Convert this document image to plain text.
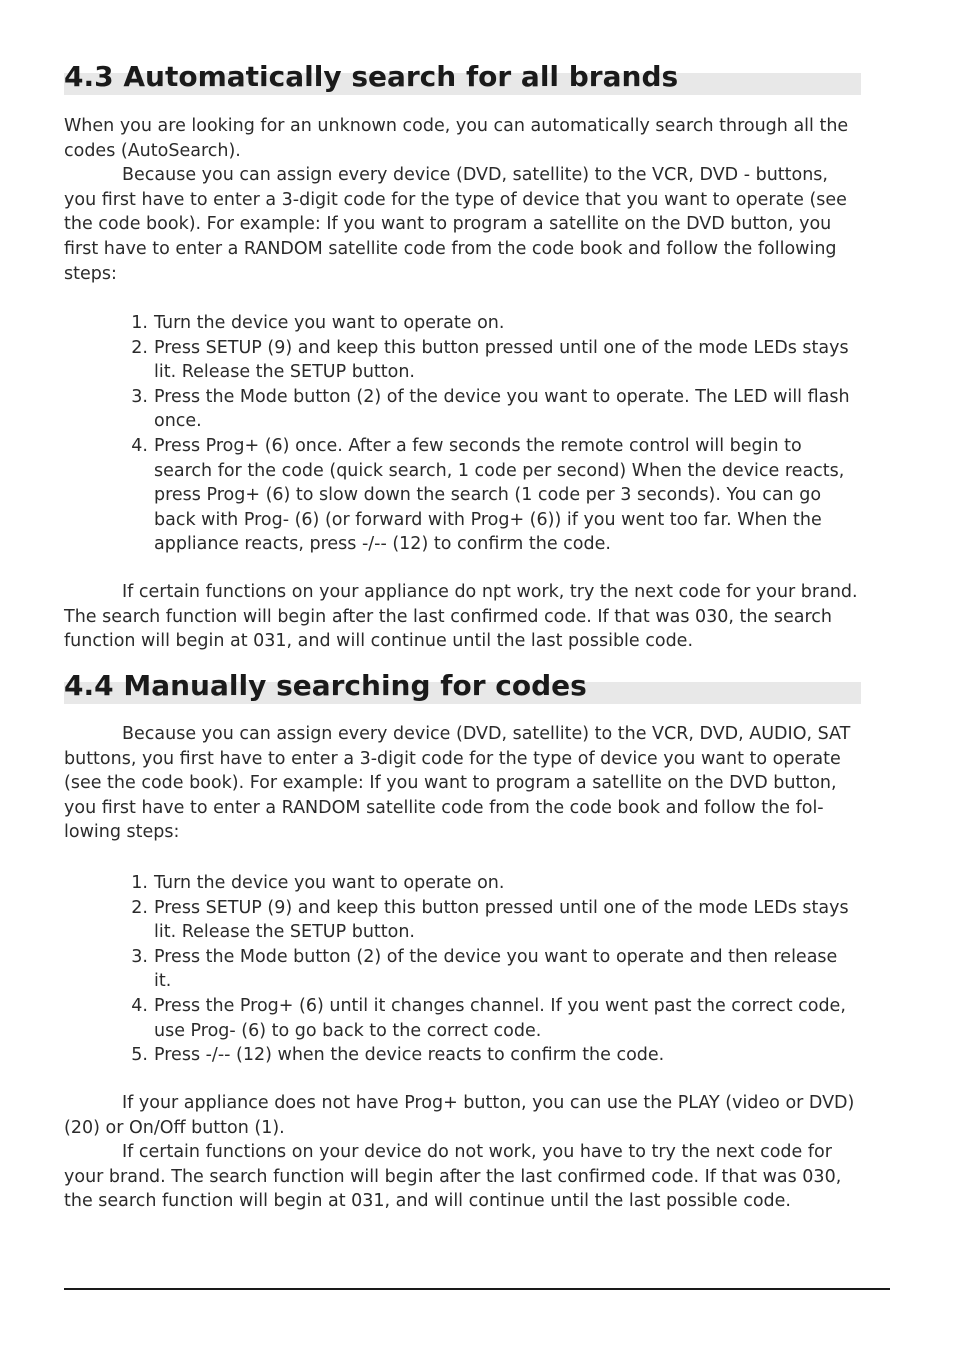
4.3 Automatically search for all brands

When you are looking for an unknown code, you can automatically search through all the codes (AutoSearch).

Because you can assign every device (DVD, satellite) to the VCR, DVD - buttons, you first have to enter a 3-digit code for the type of device that you want to operate (see the code book). For example: If you want to program a satellite on the DVD button, you first have to enter a RANDOM satellite code from the code book and follow the following steps:

1. Turn the device you want to operate on.
2. Press SETUP (9) and keep this button pressed until one of the mode LEDs stays lit. Release the SETUP button.
3. Press the Mode button (2) of the device you want to operate. The LED will flash once.
4. Press Prog+ (6) once. After a few seconds the remote control will begin to search for the code (quick search, 1 code per second) When the device reacts, press Prog+ (6) to slow down the search (1 code per 3 seconds). You can go back with Prog- (6) (or forward with Prog+ (6)) if you went too far. When the appliance reacts, press -/-- (12) to confirm the code.

If certain functions on your appliance do npt work, try the next code for your brand. The search function will begin after the last confirmed code. If that was 030, the search function will begin at 031, and will continue until the last possible code.

4.4 Manually searching for codes

Because you can assign every device (DVD, satellite) to the VCR, DVD, AUDIO, SAT buttons, you first have to enter a 3-digit code for the type of device you want to operate (see the code book). For example: If you want to program a satellite on the DVD button, you first have to enter a RANDOM satellite code from the code book and follow the fol-lowing steps:

1. Turn the device you want to operate on.
2. Press SETUP (9) and keep this button pressed until one of the mode LEDs stays lit. Release the SETUP button.
3. Press the Mode button (2) of the device you want to operate and then release it.
4. Press the Prog+ (6) until it changes channel. If you went past the correct code, use Prog- (6) to go back to the correct code.
5. Press -/-- (12) when the device reacts to confirm the code.

If your appliance does not have Prog+ button, you can use the PLAY (video or DVD) (20) or On/Off button (1).

If certain functions on your device do not work, you have to try the next code for your brand. The search function will begin after the last confirmed code. If that was 030, the search function will begin at 031, and will continue until the last possible code.
